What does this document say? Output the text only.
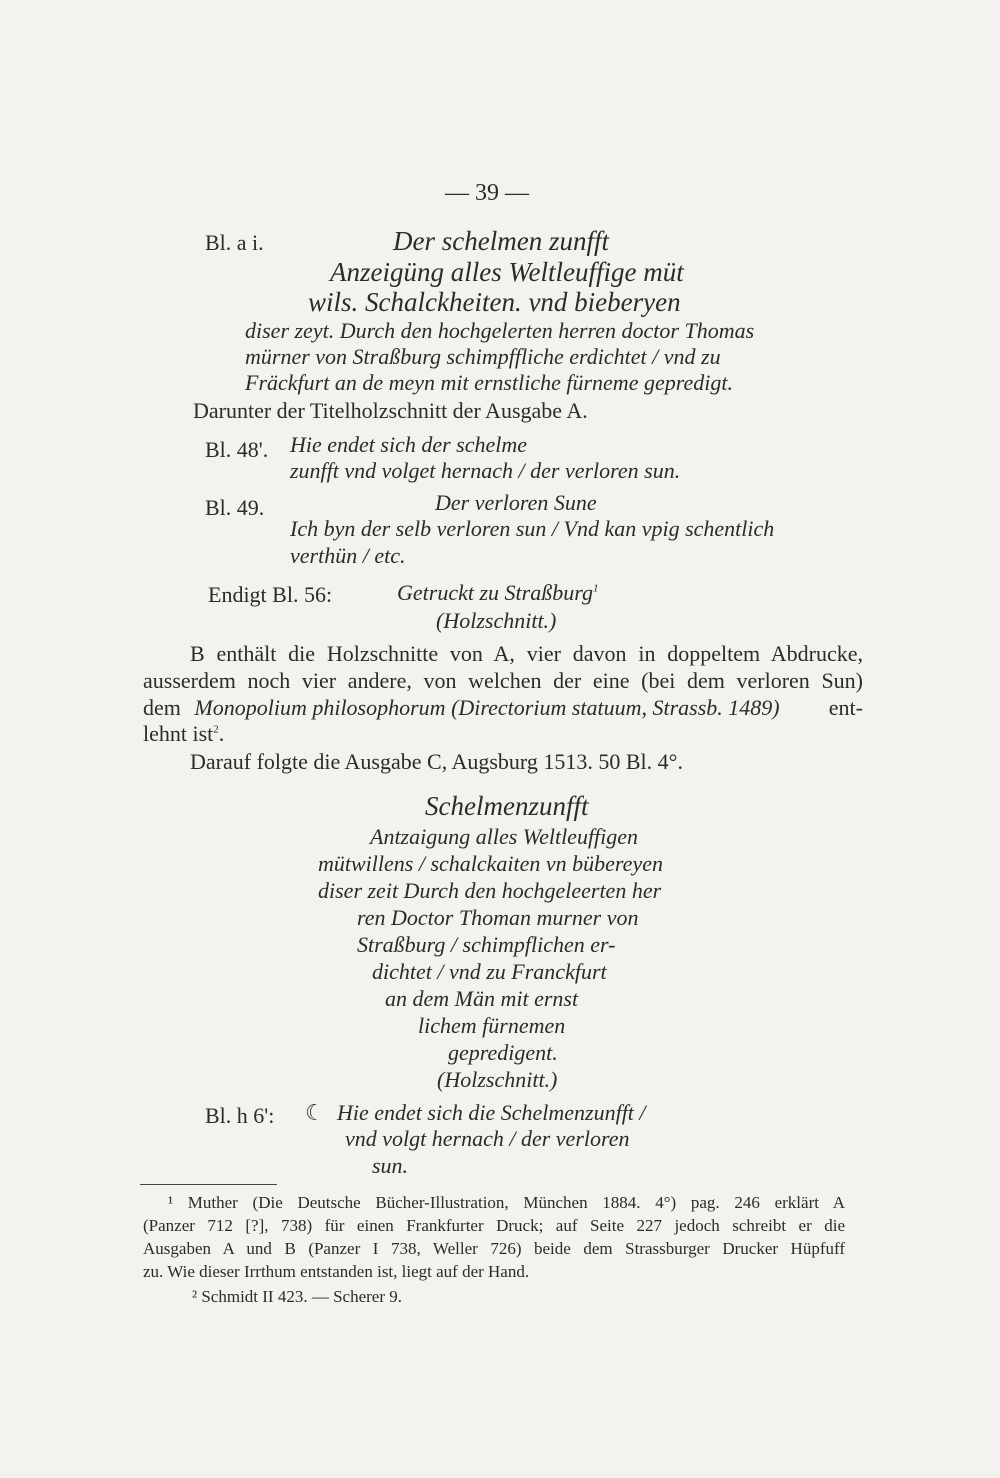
— 39 —
Bl. a i.	Der schelmen zunfft
Anzeigüng alles Weltleuffige müt
wils. Schalckheiten. vnd bieberyen
diser zeyt. Durch den hochgelerten herren doctor Thomas
mürner von Straßburg schimpffliche erdichtet / vnd zu
Fräckfurt an de meyn mit ernstliche fürneme gepredigt.
Darunter der Titelholzschnitt der Ausgabe A.
Bl. 48'. Hie endet sich der schelme
zunfft vnd volget hernach / der verloren sun.
Bl. 49.	Der verloren Sune
Ich byn der selb verloren sun / Vnd kan vpig schentlich
verthün / etc.
Endigt Bl. 56:	Getruckt zu Straßburg$^1$
(Holzschnitt.)
B enthält die Holzschnitte von A, vier davon in doppeltem Abdrucke,
ausserdem noch vier andere, von welchen der eine (bei dem verloren Sun)
dem Monopolium philosophorum (Directorium statuum, Strassb. 1489) ent-
lehnt ist$^2$.
Darauf folgte die Ausgabe C, Augsburg 1513. 50 Bl. 4°.
Schelmenzunfft
Antzaigung alles Weltleuffigen
mütwillens / schalckaiten vn bübereyen
diser zeit Durch den hochgeleerten her
ren Doctor Thoman murner von
Straßburg / schimpflichen er-
dichtet / vnd zu Franckfurt
an dem Män mit ernst
lichem fürnemen
gepredigent.
(Holzschnitt.)
Bl. h 6': ☾ Hie endet sich die Schelmenzunfft /
vnd volgt hernach / der verloren
sun.
¹ Muther (Die Deutsche Bücher-Illustration, München 1884. 4°) pag. 246 erklärt A
(Panzer 712 [?], 738) für einen Frankfurter Druck; auf Seite 227 jedoch schreibt er die
Ausgaben A und B (Panzer I 738, Weller 726) beide dem Strassburger Drucker Hüpfuff
zu. Wie dieser Irrthum entstanden ist, liegt auf der Hand.
² Schmidt II 423. — Scherer 9.
